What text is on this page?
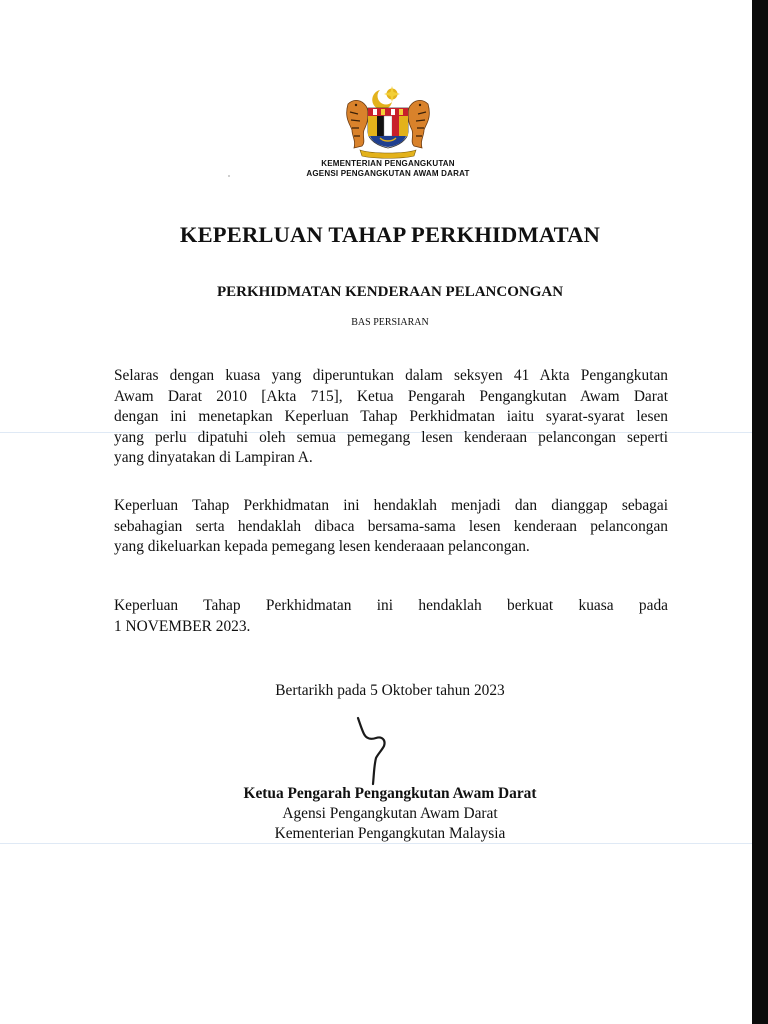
KEMENTERIAN PENGANGKUTAN
AGENSI PENGANGKUTAN AWAM DARAT
KEPERLUAN TAHAP PERKHIDMATAN
PERKHIDMATAN KENDERAAN PELANCONGAN
BAS PERSIARAN
Selaras dengan kuasa yang diperuntukan dalam seksyen 41 Akta Pengangkutan
Awam Darat 2010 [Akta 715], Ketua Pengarah Pengangkutan Awam Darat
dengan ini menetapkan Keperluan Tahap Perkhidmatan iaitu syarat-syarat lesen
yang perlu dipatuhi oleh semua pemegang lesen kenderaan pelancongan seperti
yang dinyatakan di Lampiran A.
Keperluan Tahap Perkhidmatan ini hendaklah menjadi dan dianggap sebagai
sebahagian serta hendaklah dibaca bersama-sama lesen kenderaan pelancongan
yang dikeluarkan kepada pemegang lesen kenderaaan pelancongan.
Keperluan Tahap Perkhidmatan ini hendaklah berkuat kuasa pada
1 NOVEMBER 2023.
Bertarikh pada 5 Oktober tahun 2023
Ketua Pengarah Pengangkutan Awam Darat
Agensi Pengangkutan Awam Darat
Kementerian Pengangkutan Malaysia
